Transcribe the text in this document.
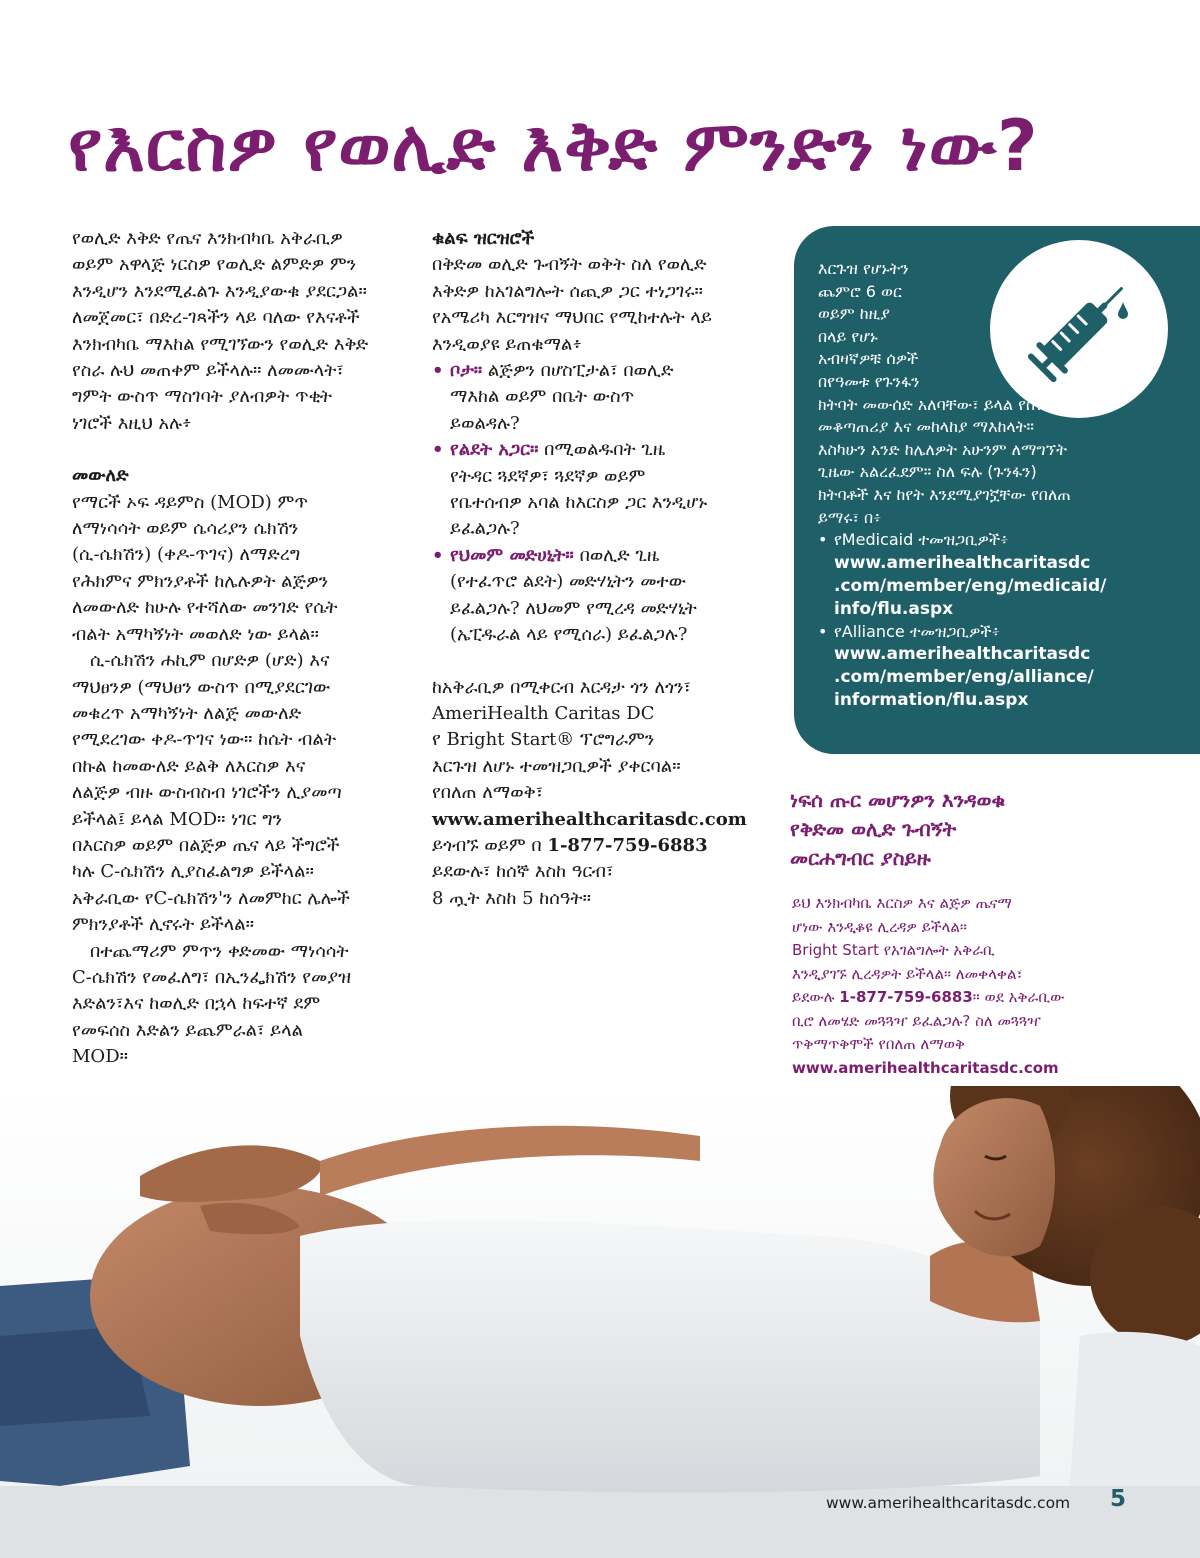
የእርስዎ የወሊድ እቅድ ምንድን ነው?
የወሊድ እቅድ የጤና እንክብካቤ አቅራቢዎ
ወይም አዋላጅ ነርስዎ የወሊድ ልምድዎ ምን
እንዲሆን እንደሚፈልጉ እንዲያውቁ ያደርጋል።
ለመጀመር፣ በድረ-ገጻችን ላይ ባለው የእናቶች
እንክብካቤ ማእከል የሚገኘውን የወሊድ እቅድ
የስራ ሉህ መጠቀም ይችላሉ። ለመሙላት፣
ግምት ውስጥ ማስገባት ያለብዎት ጥቂት
ነገሮች እዚህ አሉ፥
መውለድ
የማርች ኦፍ ዳይምስ (MOD) ምጥ
ለማነሳሳት ወይም ሴሳሪያን ሴክሽን
(ሲ-ሴክሽን) (ቀዶ-ጥገና) ለማድረግ
የሕክምና ምክንያቶች ከሌሉዎት ልጅዎን
ለመውለድ ከሁሉ የተሻለው መንገድ የሴት
ብልት አማካኝነት መወለድ ነው ይላል።
ሲ-ሴክሽን ሐኪም በሆድዎ (ሆድ) እና
ማህፀንዎ (ማህፀን ውስጥ በሚያደርገው
መቁረጥ አማካኝነት ለልጅ መውለድ
የሚደረገው ቀዶ-ጥገና ነው። ከሴት ብልት
በኩል ከመውለድ ይልቅ ለእርስዎ እና
ለልጅዎ ብዙ ውስብስብ ነገሮችን ሊያመጣ
ይችላል፤ ይላል MOD። ነገር ግን
በእርስዎ ወይም በልጅዎ ጤና ላይ ችግሮች
ካሉ C-ሴክሽን ሊያስፈልግዎ ይችላል።
አቅራቢው የC-ሴክሽን'ን ለመምከር ሌሎች
ምክንያቶች ሊኖሩት ይችላል።
በተጨማሪም ምጥን ቀድመው ማነሳሳት
C-ሴክሽን የመፈለግ፣ በኢንፌክሽን የመያዝ
እድልን፣እና ከወሊድ በኋላ ከፍተኛ ደም
የመፍሰስ እድልን ይጨምራል፣ ይላል
MOD።
ቁልፍ ዝርዝሮች
በቅድመ ወሊድ ጉብኝት ወቅት ስለ የወሊድ
እቅድዎ ከአገልግሎት ሰጪዎ ጋር ተነጋገሩ።
የአሜሪካ እርግዝና ማህበር የሚከተሉት ላይ
እንዲወያዩ ይጠቁማል፥
• ቦታ። ልጅዎን በሆስፒታል፣ በወሊድ
ማእከል ወይም በቤት ውስጥ
ይወልዳሉ?
• የልደት አጋር። በሚወልዱበት ጊዜ
የትዳር ጓደኛዎ፣ ጓደኛዎ ወይም
የቤተሰብዎ አባል ከእርስዎ ጋር እንዲሆኑ
ይፈልጋሉ?
• የህመም መድሀኒት። በወሊድ ጊዜ
(የተፈጥሮ ልደት) መድሃኒትን መተው
ይፈልጋሉ? ለህመም የሚረዳ መድሃኒት
(ኤፒዱራል ላይ የሚሰራ) ይፈልጋሉ?
ከአቅራቢዎ በሚቀርብ እርዳታ ጎን ለጎን፣
AmeriHealth Caritas DC
የ Bright Start® ፕሮግራምን
እርጉዝ ለሆኑ ተመዝጋቢዎች ያቀርባል።
የበለጠ ለማወቅ፣
www.amerihealthcaritasdc.com
ይጎብኙ ወይም በ 1-877-759-6883
ይደውሉ፣ ከሰኞ እስከ ዓርብ፣
8 ጧት እስከ 5 ከሰዓት።
እርጉዝ የሆኑትን
ጨምሮ 6 ወር
ወይም ከዚያ
በላይ የሆኑ
አብዛኛዎቹ ሰዎች
በየዓመቱ የጉንፋን
ክትባት መውሰድ አለባቸው፣ ይላል የበሽታ
መቆጣጠሪያ እና መከላከያ ማእከላት።
እስካሁን አንድ ከሌለዎት አሁንም ለማግኘት
ጊዜው አልረፈደም። ስለ ፍሉ (ጉንፋን)
ክትባቶች እና ከየት እንደሚያገኟቸው የበለጠ
ይማሩ፣ በ፥
• የMedicaid ተመዝጋቢዎች፥
www.amerihealthcaritasdc
.com/member/eng/medicaid/
info/flu.aspx
• የAlliance ተመዝጋቢዎች፥
www.amerihealthcaritasdc
.com/member/eng/alliance/
information/flu.aspx
ነፍሰ ጡር መሆንዎን እንዳወቁ
የቅድመ ወሊድ ጉብኝት
መርሐግብር ያስይዙ
ይህ እንክብካቤ እርስዎ እና ልጅዎ ጤናማ
ሆነው እንዲቆዩ ሊረዳዎ ይችላል።
Bright Start የአገልግሎት አቅራቢ
እንዲያገኙ ሊረዳዎት ይችላል። ለመቀላቀል፣
ይደውሉ 1-877-759-6883። ወደ አቅራቢው
ቢሮ ለመሄድ መጓጓዣ ይፈልጋሉ? ስለ መጓጓዣ
ጥቅማጥቅሞች የበለጠ ለማወቅ
www.amerihealthcaritasdc.com
www.amerihealthcaritasdc.com 5
